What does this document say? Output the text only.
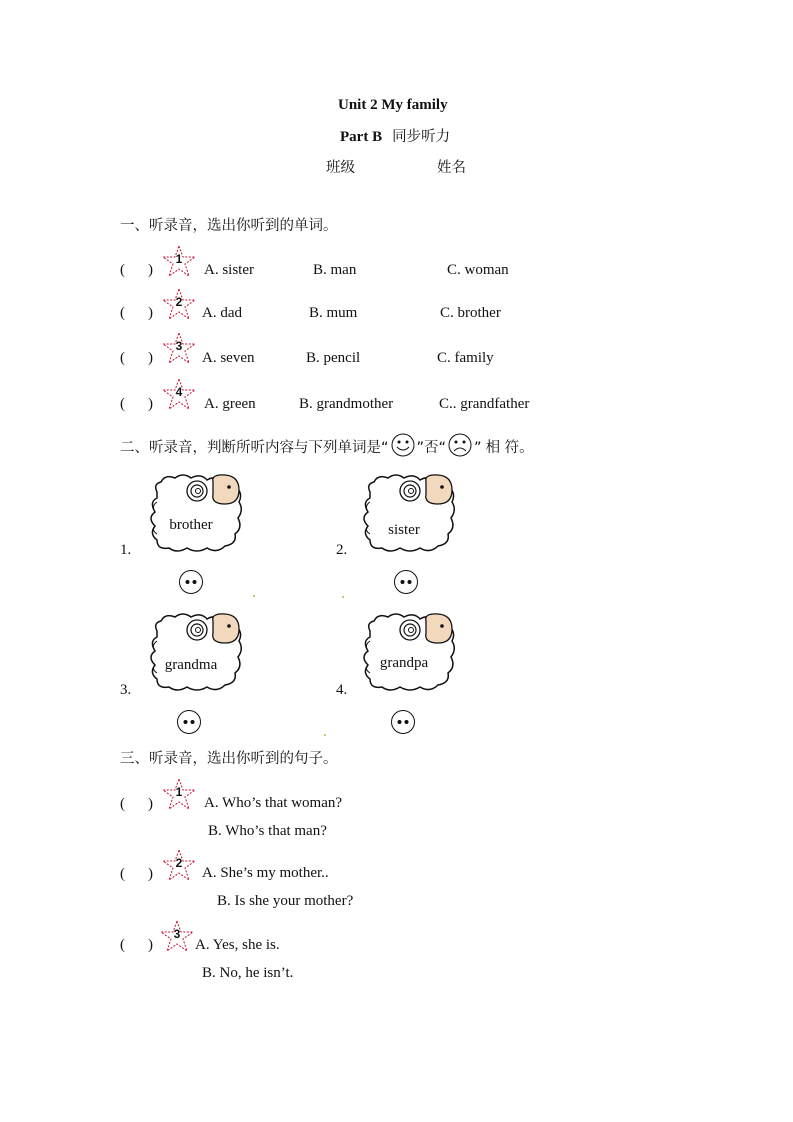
Unit 2 My family
Part B 同步听力
班级	姓名
一、听录音，选出你听到的单词。
( )
1
A. sister	B. man	C. woman
( )
2
A. dad	B. mum	C. brother
( )
3
A. seven	B. pencil	C. family
( )
4
A. green	B. grandmother	C.. grandfather
二、听录音，判断所听内容与下列单词是“ ”否“ ” 相 符。
brother
1.
sister
2.
grandma
3.
grandpa
4.
三、听录音，选出你听到的句子。
( )
1
A. Who’s that woman?
B. Who’s that man?
( )
2
A. She’s my mother..
B. Is she your mother?
( )
3
A. Yes, she is.
B. No, he isn’t.
